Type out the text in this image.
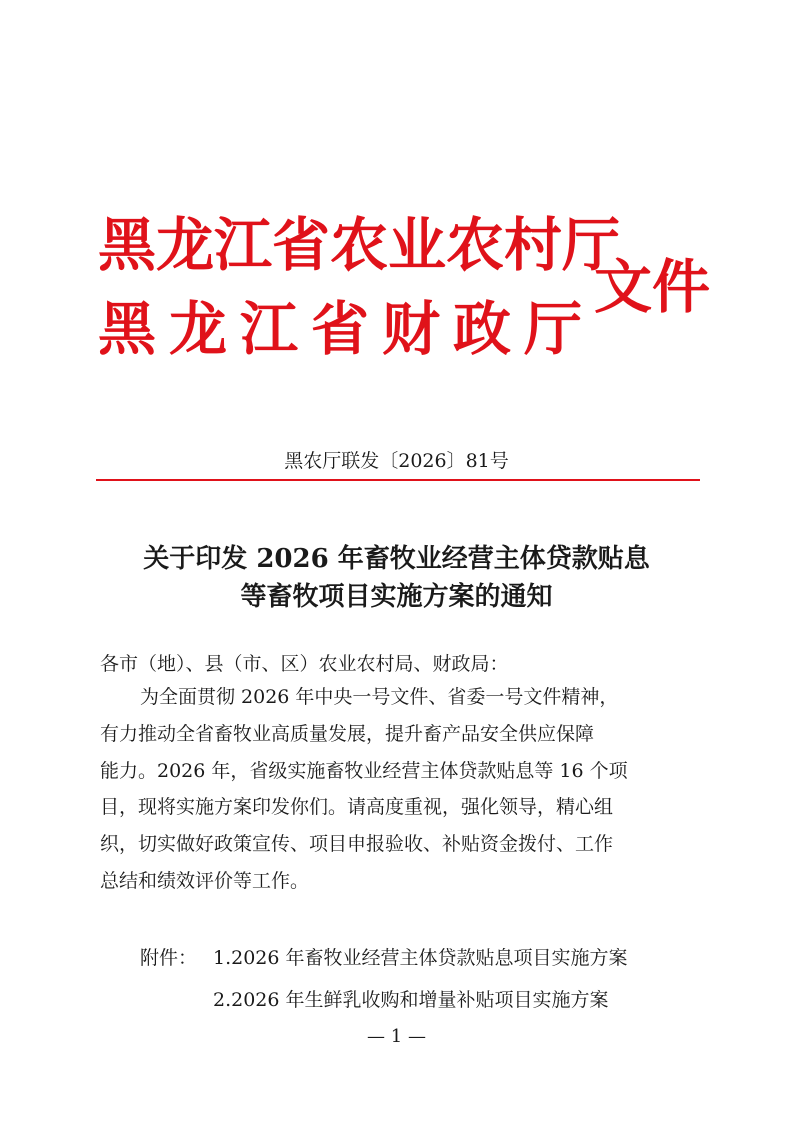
黑龙江省农业农村厅
黑龙江省财政厅
文件
黑农厅联发〔2026〕81号
关于印发 2026 年畜牧业经营主体贷款贴息
等畜牧项目实施方案的通知
各市（地）、县（市、区）农业农村局、财政局：
为全面贯彻 2026 年中央一号文件、省委一号文件精神，
有力推动全省畜牧业高质量发展，提升畜产品安全供应保障
能力。2026 年，省级实施畜牧业经营主体贷款贴息等 16 个项
目，现将实施方案印发你们。请高度重视，强化领导，精心组
织，切实做好政策宣传、项目申报验收、补贴资金拨付、工作
总结和绩效评价等工作。
附件： 1.2026 年畜牧业经营主体贷款贴息项目实施方案
2.2026 年生鲜乳收购和增量补贴项目实施方案
— 1 —
